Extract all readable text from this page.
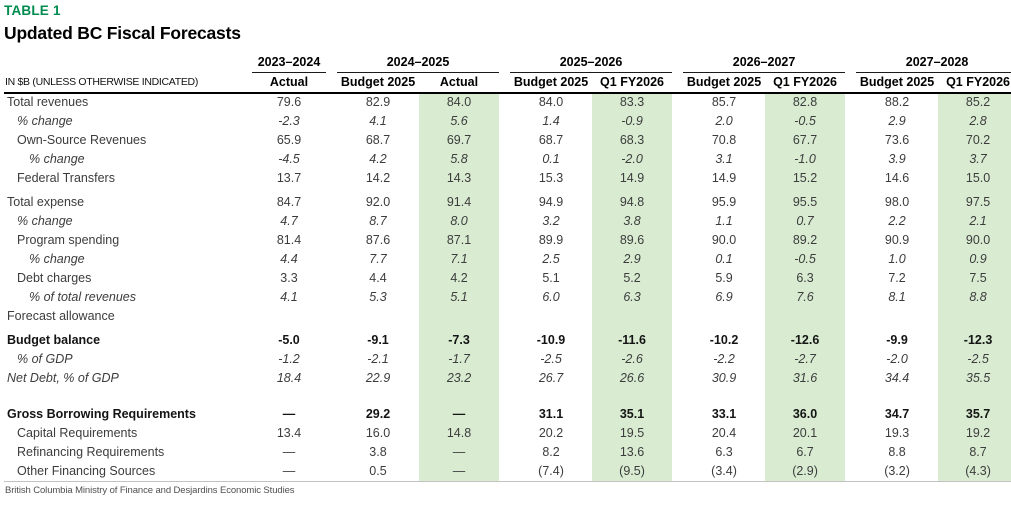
TABLE 1
Updated BC Fiscal Forecasts
	2023–2024		2024–2025			2025–2026			2026–2027			2027–2028	
IN $B (UNLESS OTHERWISE INDICATED)	Actual		Budget 2025	Actual		Budget 2025	Q1 FY2026		Budget 2025	Q1 FY2026		Budget 2025	Q1 FY2026
Total revenues	79.6		82.9	84.0		84.0	83.3		85.7	82.8		88.2	85.2
% change	-2.3		4.1	5.6		1.4	-0.9		2.0	-0.5		2.9	2.8
Own-Source Revenues	65.9		68.7	69.7		68.7	68.3		70.8	67.7		73.6	70.2
% change	-4.5		4.2	5.8		0.1	-2.0		3.1	-1.0		3.9	3.7
Federal Transfers	13.7		14.2	14.3		15.3	14.9		14.9	15.2		14.6	15.0
Total expense	84.7		92.0	91.4		94.9	94.8		95.9	95.5		98.0	97.5
% change	4.7		8.7	8.0		3.2	3.8		1.1	0.7		2.2	2.1
Program spending	81.4		87.6	87.1		89.9	89.6		90.0	89.2		90.9	90.0
% change	4.4		7.7	7.1		2.5	2.9		0.1	-0.5		1.0	0.9
Debt charges	3.3		4.4	4.2		5.1	5.2		5.9	6.3		7.2	7.5
% of total revenues	4.1		5.3	5.1		6.0	6.3		6.9	7.6		8.1	8.8
Forecast allowance													
Budget balance	-5.0		-9.1	-7.3		-10.9	-11.6		-10.2	-12.6		-9.9	-12.3
% of GDP	-1.2		-2.1	-1.7		-2.5	-2.6		-2.2	-2.7		-2.0	-2.5
Net Debt, % of GDP	18.4		22.9	23.2		26.7	26.6		30.9	31.6		34.4	35.5
Gross Borrowing Requirements	—		29.2	—		31.1	35.1		33.1	36.0		34.7	35.7
Capital Requirements	13.4		16.0	14.8		20.2	19.5		20.4	20.1		19.3	19.2
Refinancing Requirements	—		3.8	—		8.2	13.6		6.3	6.7		8.8	8.7
Other Financing Sources	—		0.5	—		(7.4)	(9.5)		(3.4)	(2.9)		(3.2)	(4.3)
British Columbia Ministry of Finance and Desjardins Economic Studies
